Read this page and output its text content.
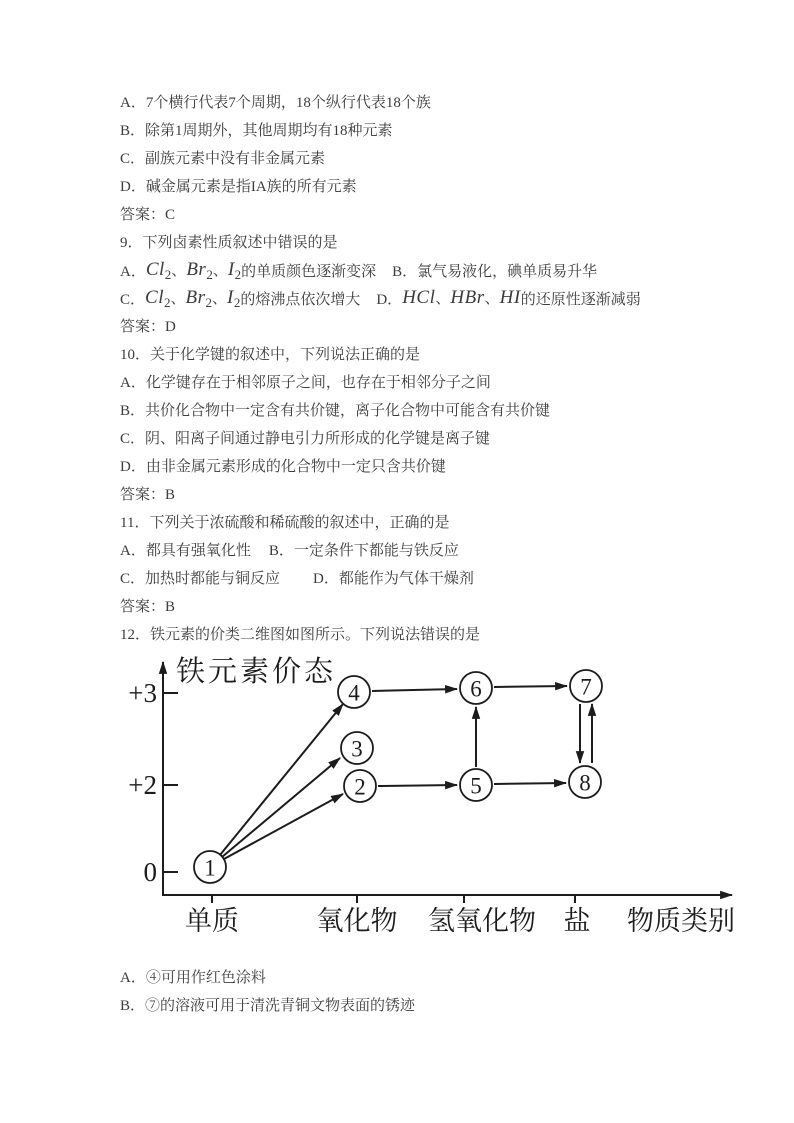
A．7个横行代表7个周期，18个纵行代表18个族
B．除第1周期外，其他周期均有18种元素
C．副族元素中没有非金属元素
D．碱金属元素是指IA族的所有元素
答案：C
9．下列卤素性质叙述中错误的是
A．$Cl_2$、$Br_2$、$I_2$的单质颜色逐渐变深 B．氯气易液化，碘单质易升华
C．$Cl_2$、$Br_2$、$I_2$的熔沸点依次增大 D．HCl、HBr、HI的还原性逐渐减弱
答案：D
10．关于化学键的叙述中，下列说法正确的是
A．化学键存在于相邻原子之间，也存在于相邻分子之间
B．共价化合物中一定含有共价键，离子化合物中可能含有共价键
C．阴、阳离子间通过静电引力所形成的化学键是离子键
D．由非金属元素形成的化合物中一定只含共价键
答案：B
11．下列关于浓硫酸和稀硫酸的叙述中，正确的是
A．都具有强氧化性 B．一定条件下都能与铁反应
C．加热时都能与铜反应 D．都能作为气体干燥剂
答案：B
12．铁元素的价类二维图如图所示。下列说法错误的是
铁元素价态
+3
+2
0
单质	氧化物 氢氧化物 盐 物质类别
1
2
3
4
5
6	7
8
A．④可用作红色涂料
B．⑦的溶液可用于清洗青铜文物表面的锈迹
